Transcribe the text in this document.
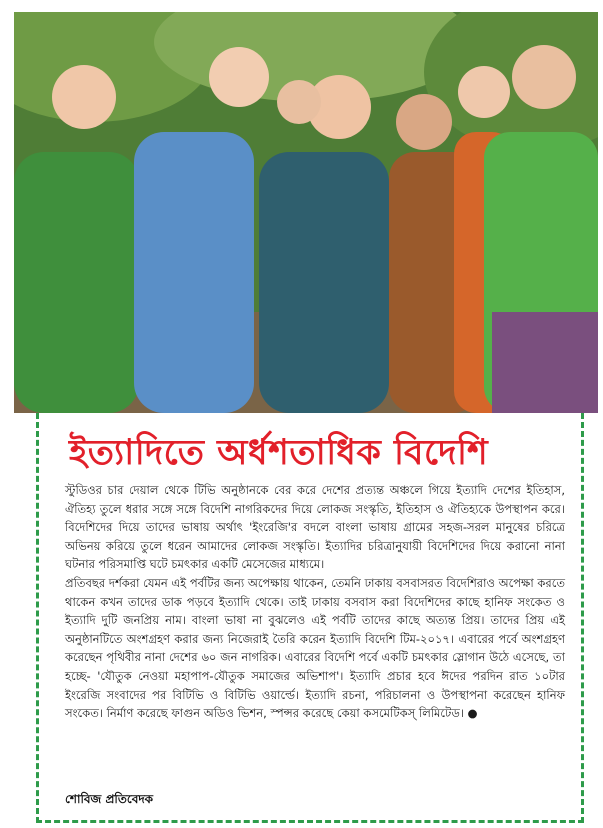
ইত্যাদিতে অর্ধশতাধিক বিদেশি

স্টুডিওর চার দেয়াল থেকে টিভি অনুষ্ঠানকে বের করে দেশের প্রত্যন্ত অঞ্চলে গিয়ে ইত্যাদি দেশের ইতিহাস, ঐতিহ্য তুলে ধরার সঙ্গে সঙ্গে বিদেশি নাগরিকদের দিয়ে লোকজ সংস্কৃতি, ইতিহাস ও ঐতিহ্যকে উপস্থাপন করে। বিদেশিদের দিয়ে তাদের ভাষায় অর্থাৎ 'ইংরেজি'র বদলে বাংলা ভাষায় গ্রামের সহজ-সরল মানুষের চরিত্রে অভিনয় করিয়ে তুলে ধরেন আমাদের লোকজ সংস্কৃতি। ইত্যাদির চরিত্রানুযায়ী বিদেশিদের দিয়ে করানো নানা ঘটনার পরিসমাপ্তি ঘটে চমৎকার একটি মেসেজের মাধ্যমে।

প্রতিবছর দর্শকরা যেমন এই পর্বটির জন্য অপেক্ষায় থাকেন, তেমনি ঢাকায় বসবাসরত বিদেশিরাও অপেক্ষা করতে থাকেন কখন তাদের ডাক পড়বে ইত্যাদি থেকে। তাই ঢাকায় বসবাস করা বিদেশিদের কাছে হানিফ সংকেত ও ইত্যাদি দুটি জনপ্রিয় নাম। বাংলা ভাষা না বুঝলেও এই পর্বটি তাদের কাছে অত্যন্ত প্রিয়। তাদের প্রিয় এই অনুষ্ঠানটিতে অংশগ্রহণ করার জন্য নিজেরাই তৈরি করেন ইত্যাদি বিদেশি টিম-২০১৭। এবারের পর্বে অংশগ্রহণ করেছেন পৃথিবীর নানা দেশের ৬০ জন নাগরিক। এবারের বিদেশি পর্বে একটি চমৎকার স্লোগান উঠে এসেছে, তা হচ্ছে- 'যৌতুক নেওয়া মহাপাপ-যৌতুক সমাজের অভিশাপ'। ইত্যাদি প্রচার হবে ঈদের পরদিন রাত ১০টার ইংরেজি সংবাদের পর বিটিভি ও বিটিভি ওয়ার্ল্ডে। ইত্যাদি রচনা, পরিচালনা ও উপস্থাপনা করেছেন হানিফ সংকেত। নির্মাণ করেছে ফাগুন অডিও ভিশন, স্পন্সর করেছে কেয়া কসমেটিকস্ লিমিটেড। ●

শোবিজ প্রতিবেদক
